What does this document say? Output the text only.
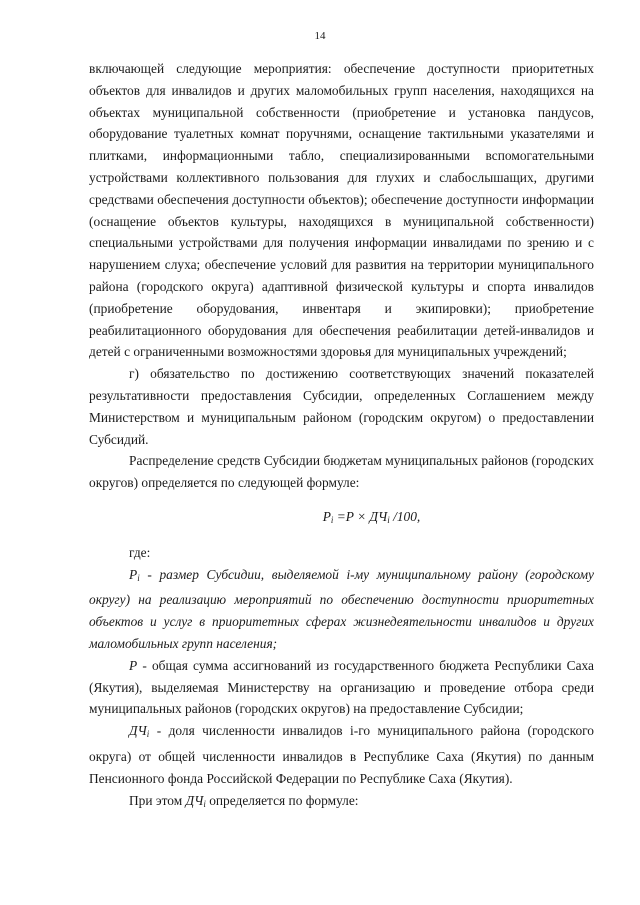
14

включающей следующие мероприятия: обеспечение доступности приоритетных объектов для инвалидов и других маломобильных групп населения, находящихся на объектах муниципальной собственности (приобретение и установка пандусов, оборудование туалетных комнат поручнями, оснащение тактильными указателями и плитками, информационными табло, специализированными вспомогательными устройствами коллективного пользования для глухих и слабослышащих, другими средствами обеспечения доступности объектов); обеспечение доступности информации (оснащение объектов культуры, находящихся в муниципальной собственности) специальными устройствами для получения информации инвалидами по зрению и с нарушением слуха; обеспечение условий для развития на территории муниципального района (городского округа) адаптивной физической культуры и спорта инвалидов (приобретение оборудования, инвентаря и экипировки); приобретение реабилитационного оборудования для обеспечения реабилитации детей-инвалидов и детей с ограниченными возможностями здоровья для муниципальных учреждений;

г) обязательство по достижению соответствующих значений показателей результативности предоставления Субсидии, определенных Соглашением между Министерством и муниципальным районом (городским округом) о предоставлении Субсидий.

Распределение средств Субсидии бюджетам муниципальных районов (городских округов) определяется по следующей формуле:

$P_i =P \times ДЧ_i$ /100,

где:

$P_i$ - размер Субсидии, выделяемой i-му муниципальному району (городскому округу) на реализацию мероприятий по обеспечению доступности приоритетных объектов и услуг в приоритетных сферах жизнедеятельности инвалидов и других маломобильных групп населения;

P - общая сумма ассигнований из государственного бюджета Республики Саха (Якутия), выделяемая Министерству на организацию и проведение отбора среди муниципальных районов (городских округов) на предоставление Субсидии;

$ДЧ_i$ - доля численности инвалидов i-го муниципального района (городского округа) от общей численности инвалидов в Республике Саха (Якутия) по данным Пенсионного фонда Российской Федерации по Республике Саха (Якутия).

При этом $ДЧ_i$ определяется по формуле:
